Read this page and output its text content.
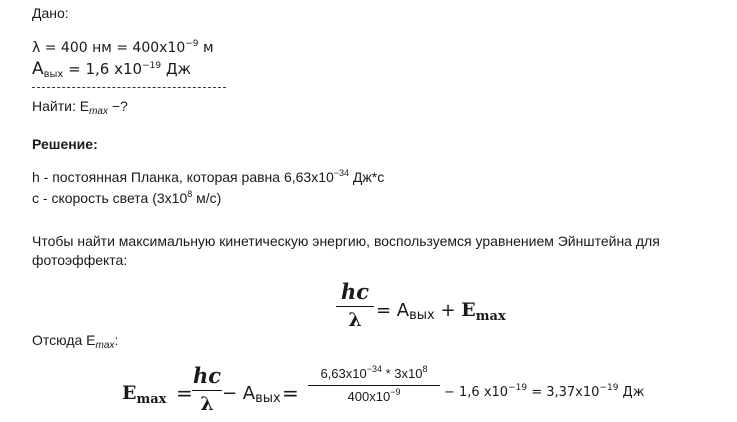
Дано:
λ = 400 нм = $400x10^{-9}$ м
$A_{вых} = 1,6$ $x10^{-19}$ Дж
Найти: $E_{max}$ −?
Решение:
h - постоянная Планка, которая равна $6,63x10^{-34}$ Дж*с
c - скорость света ($3x10^8$ м/с)
Чтобы найти максимальную кинетическую энергию, воспользуемся уравнением Эйнштейна для
фотоэффекта:
hc
$\lambda = A_{вых} + E_{max}$
Отсюда $E_{max}$:
$E_{max}$ =
hc
$\lambda - A_{вых}$ =
$6,63x10^{-34} * 3x10^8$
$400x10^{-9}$	− 1,6 $x10^{-19} = 3,37x10^{-19}$ Дж
